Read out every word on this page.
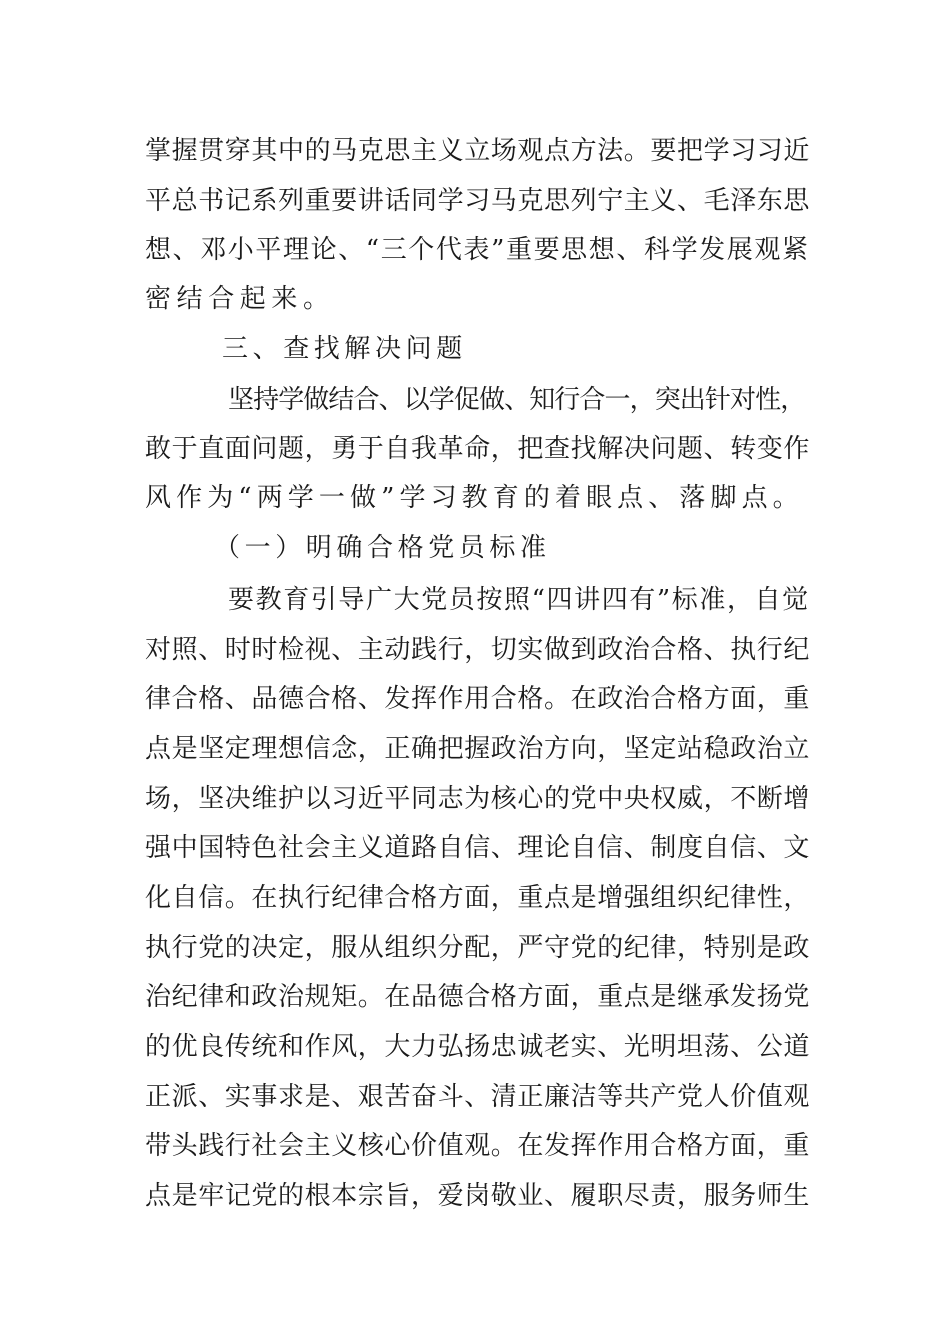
掌握贯穿其中的马克思主义立场观点方法。要把学习习近
平总书记系列重要讲话同学习马克思列宁主义、毛泽东思
想、邓小平理论、“三个代表”重要思想、科学发展观紧
密结合起来。
三、查找解决问题
坚持学做结合、以学促做、知行合一，突出针对性，
敢于直面问题，勇于自我革命，把查找解决问题、转变作
风作为“两学一做”学习教育的着眼点、落脚点。
（一）明确合格党员标准
要教育引导广大党员按照“四讲四有”标准，自觉
对照、时时检视、主动践行，切实做到政治合格、执行纪
律合格、品德合格、发挥作用合格。在政治合格方面，重
点是坚定理想信念，正确把握政治方向，坚定站稳政治立
场，坚决维护以习近平同志为核心的党中央权威，不断增
强中国特色社会主义道路自信、理论自信、制度自信、文
化自信。在执行纪律合格方面，重点是增强组织纪律性，
执行党的决定，服从组织分配，严守党的纪律，特别是政
治纪律和政治规矩。在品德合格方面，重点是继承发扬党
的优良传统和作风，大力弘扬忠诚老实、光明坦荡、公道
正派、实事求是、艰苦奋斗、清正廉洁等共产党人价值观
带头践行社会主义核心价值观。在发挥作用合格方面，重
点是牢记党的根本宗旨，爱岗敬业、履职尽责，服务师生
